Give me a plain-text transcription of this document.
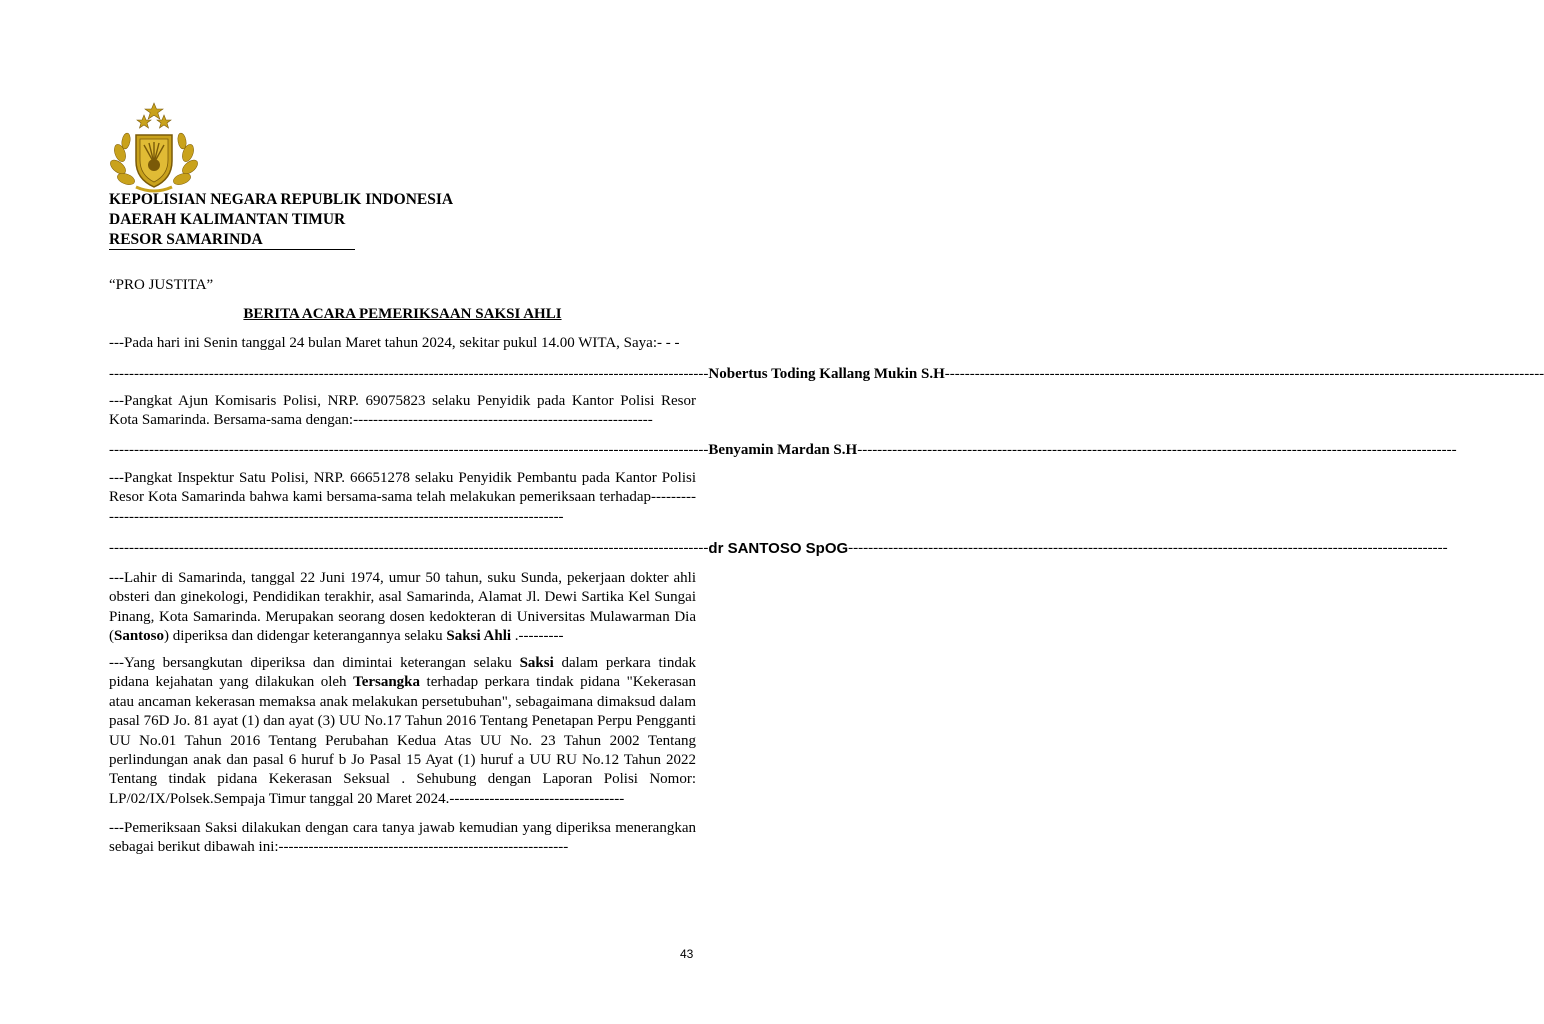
KEPOLISIAN NEGARA REPUBLIK INDONESIA
DAERAH KALIMANTAN TIMUR
RESOR SAMARINDA
“PRO JUSTITA”
BERITA ACARA PEMERIKSAAN SAKSI AHLI
---Pada hari ini Senin tanggal 24 bulan Maret tahun 2024, sekitar pukul 14.00 WITA, Saya:- - -
------------------------------------------------------------------------------------------------------------------------ Nobertus Toding Kallang Mukin S.H ------------------------------------------------------------------------------------------------------------------------
---Pangkat Ajun Komisaris Polisi, NRP. 69075823 selaku Penyidik pada Kantor Polisi Resor Kota Samarinda. Bersama-sama dengan:------------------------------------------------------------
------------------------------------------------------------------------------------------------------------------------ Benyamin Mardan S.H ------------------------------------------------------------------------------------------------------------------------
---Pangkat Inspektur Satu Polisi, NRP. 66651278 selaku Penyidik Pembantu pada Kantor Polisi Resor Kota Samarinda bahwa kami bersama-sama telah melakukan pemeriksaan terhadap----------------------------------------------------------------------------------------------------
------------------------------------------------------------------------------------------------------------------------ dr SANTOSO SpOG ------------------------------------------------------------------------------------------------------------------------
---Lahir di Samarinda, tanggal 22 Juni 1974, umur 50 tahun, suku Sunda, pekerjaan dokter ahli obsteri dan ginekologi, Pendidikan terakhir, asal Samarinda, Alamat Jl. Dewi Sartika Kel Sungai Pinang, Kota Samarinda. Merupakan seorang dosen kedokteran di Universitas Mulawarman Dia (Santoso) diperiksa dan didengar keterangannya selaku Saksi Ahli .---------
---Yang bersangkutan diperiksa dan dimintai keterangan selaku Saksi dalam perkara tindak pidana kejahatan yang dilakukan oleh Tersangka terhadap perkara tindak pidana "Kekerasan atau ancaman kekerasan memaksa anak melakukan persetubuhan", sebagaimana dimaksud dalam pasal 76D Jo. 81 ayat (1) dan ayat (3) UU No.17 Tahun 2016 Tentang Penetapan Perpu Pengganti UU No.01 Tahun 2016 Tentang Perubahan Kedua Atas UU No. 23 Tahun 2002 Tentang perlindungan anak dan pasal 6 huruf b Jo Pasal 15 Ayat (1) huruf a UU RU No.12 Tahun 2022 Tentang tindak pidana Kekerasan Seksual . Sehubung dengan Laporan Polisi Nomor: LP/02/IX/Polsek.Sempaja Timur tanggal 20 Maret 2024.-----------------------------------
---Pemeriksaan Saksi dilakukan dengan cara tanya jawab kemudian yang diperiksa menerangkan sebagai berikut dibawah ini:----------------------------------------------------------
43
